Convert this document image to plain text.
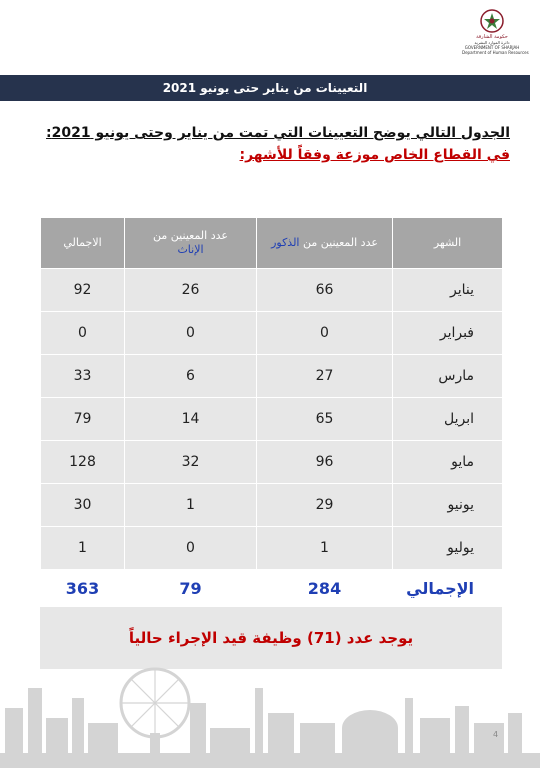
حكومة الشارقة
دائرة الموارد البشرية
GOVERNMENT OF SHARJAH
Department of Human Resources
التعيينات من يناير حتى يونيو 2021
الجدول التالي يوضح التعيينات التي تمت من يناير وحتى يونيو 2021:
في القطاع الخاص موزعة وفقاً للأشهر:
الشهر	عدد المعينين من الذكور	عدد المعينين من
الإناث	الاجمالي
يناير	66	26	92
فبراير	0	0	0
مارس	27	6	33
ابريل	65	14	79
مايو	96	32	128
يونيو	29	1	30
يوليو	1	0	1
الإجمالي	284	79	363
يوجد عدد (71) وظيفة قيد الإجراء حالياً
4
